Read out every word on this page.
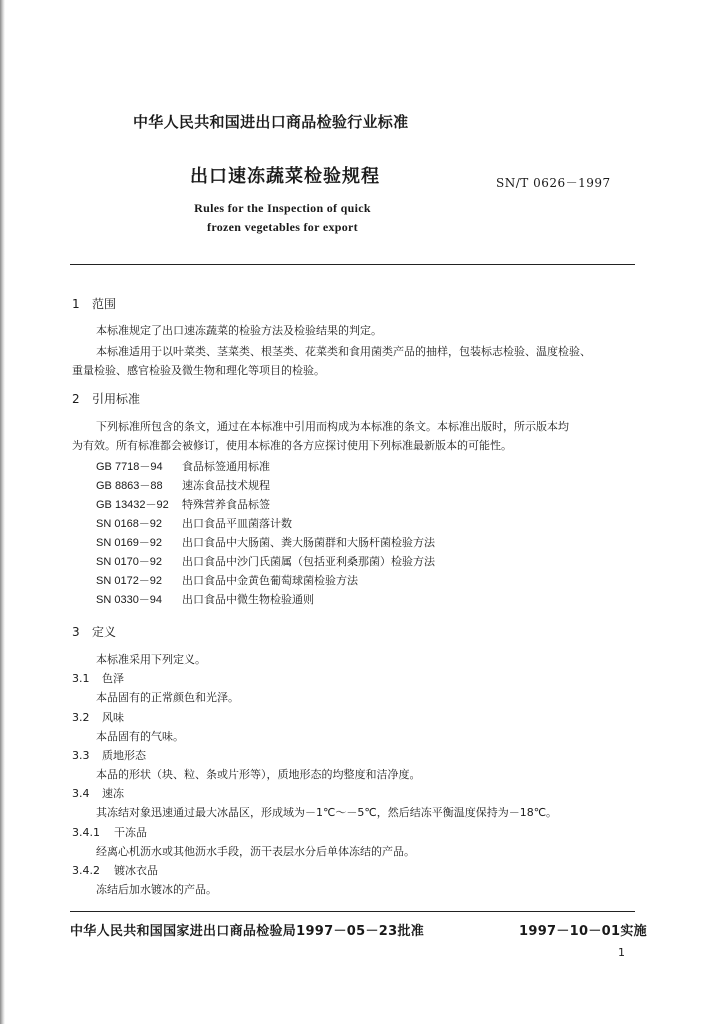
中华人民共和国进出口商品检验行业标准
出口速冻蔬菜检验规程	SN/T 0626－1997
Rules for the Inspection of quick
frozen vegetables for export
1 范围
本标准规定了出口速冻蔬菜的检验方法及检验结果的判定。
本标准适用于以叶菜类、茎菜类、根茎类、花菜类和食用菌类产品的抽样，包装标志检验、温度检验、
重量检验、感官检验及微生物和理化等项目的检验。
2 引用标准
下列标准所包含的条文，通过在本标准中引用而构成为本标准的条文。本标准出版时，所示版本均
为有效。所有标准都会被修订，使用本标准的各方应探讨使用下列标准最新版本的可能性。
GB 7718－94 食品标签通用标准
GB 8863－88 速冻食品技术规程
GB 13432－92 特殊营养食品标签
SN 0168－92 出口食品平皿菌落计数
SN 0169－92 出口食品中大肠菌、粪大肠菌群和大肠杆菌检验方法
SN 0170－92 出口食品中沙门氏菌属（包括亚利桑那菌）检验方法
SN 0172－92 出口食品中金黄色葡萄球菌检验方法
SN 0330－94 出口食品中微生物检验通则
3 定义
本标准采用下列定义。
3.1 色泽
本品固有的正常颜色和光泽。
3.2 风味
本品固有的气味。
3.3 质地形态
本品的形状（块、粒、条或片形等），质地形态的均整度和洁净度。
3.4 速冻
其冻结对象迅速通过最大冰晶区，形成域为－1℃～－5℃，然后结冻平衡温度保持为－18℃。
3.4.1 干冻品
经离心机沥水或其他沥水手段，沥干表层水分后单体冻结的产品。
3.4.2 镀冰衣品
冻结后加水镀冰的产品。
中华人民共和国国家进出口商品检验局1997－05－23批准	1997－10－01实施
1
